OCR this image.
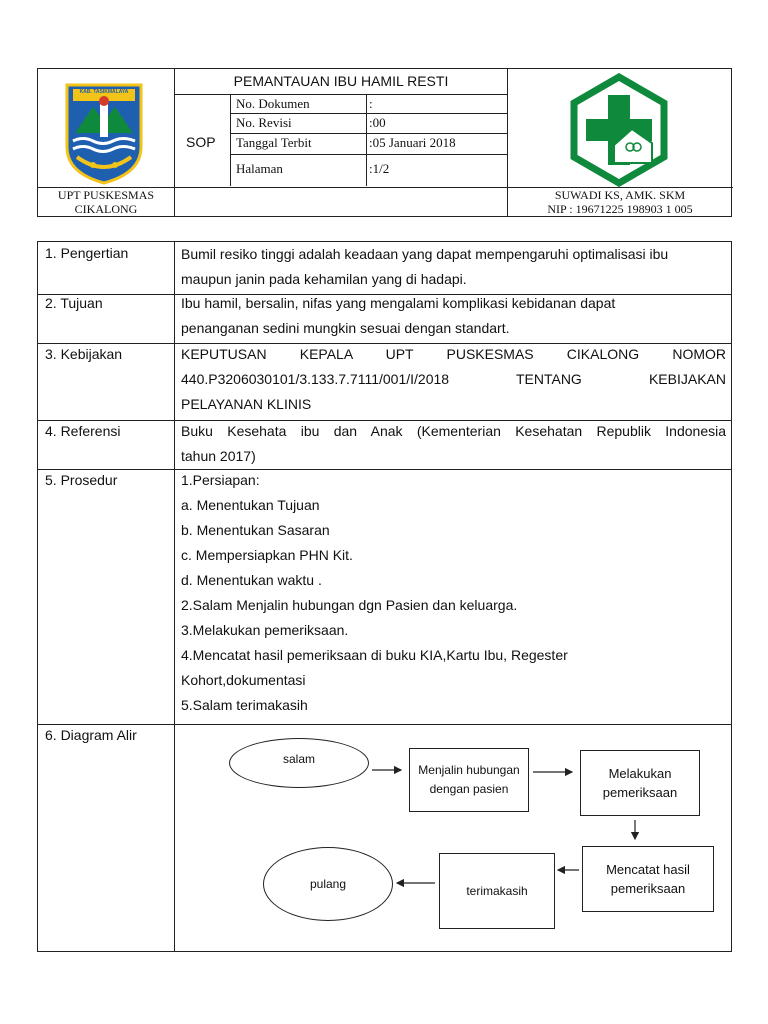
KAB. TASIKMALAYA
PEMANTAUAN IBU HAMIL RESTI
SOP
No. Dokumen	:
No. Revisi	:00
Tanggal Terbit	:05 Januari 2018
Halaman	:1/2
UPT PUSKESMAS
CIKALONG
SUWADI KS, AMK. SKM
NIP : 19671225 198903 1 005
1. Pengertian	Bumil resiko tinggi adalah keadaan yang dapat mempengaruhi optimalisasi ibu
maupun janin pada kehamilan yang di hadapi.
2. Tujuan	Ibu hamil, bersalin, nifas yang mengalami komplikasi kebidanan dapat
penanganan sedini mungkin sesuai dengan standart.
3. Kebijakan	KEPUTUSAN KEPALA UPT PUSKESMAS CIKALONG NOMOR
440.P3206030101/3.133.7.7111/001/I/2018 TENTANG KEBIJAKAN
PELAYANAN KLINIS
4. Referensi	Buku Kesehata ibu dan Anak (Kementerian Kesehatan Republik Indonesia
tahun 2017)
5. Prosedur	1.Persiapan:
a. Menentukan Tujuan
b. Menentukan Sasaran
c. Mempersiapkan PHN Kit.
d. Menentukan waktu .
2.Salam Menjalin hubungan dgn Pasien dan keluarga.
3.Melakukan pemeriksaan.
4.Mencatat hasil pemeriksaan di buku KIA,Kartu Ibu, Regester
Kohort,dokumentasi
5.Salam terimakasih
6. Diagram Alir
salam
Menjalin hubungan dengan pasien
Melakukan pemeriksaan
Mencatat hasil pemeriksaan
terimakasih
pulang
